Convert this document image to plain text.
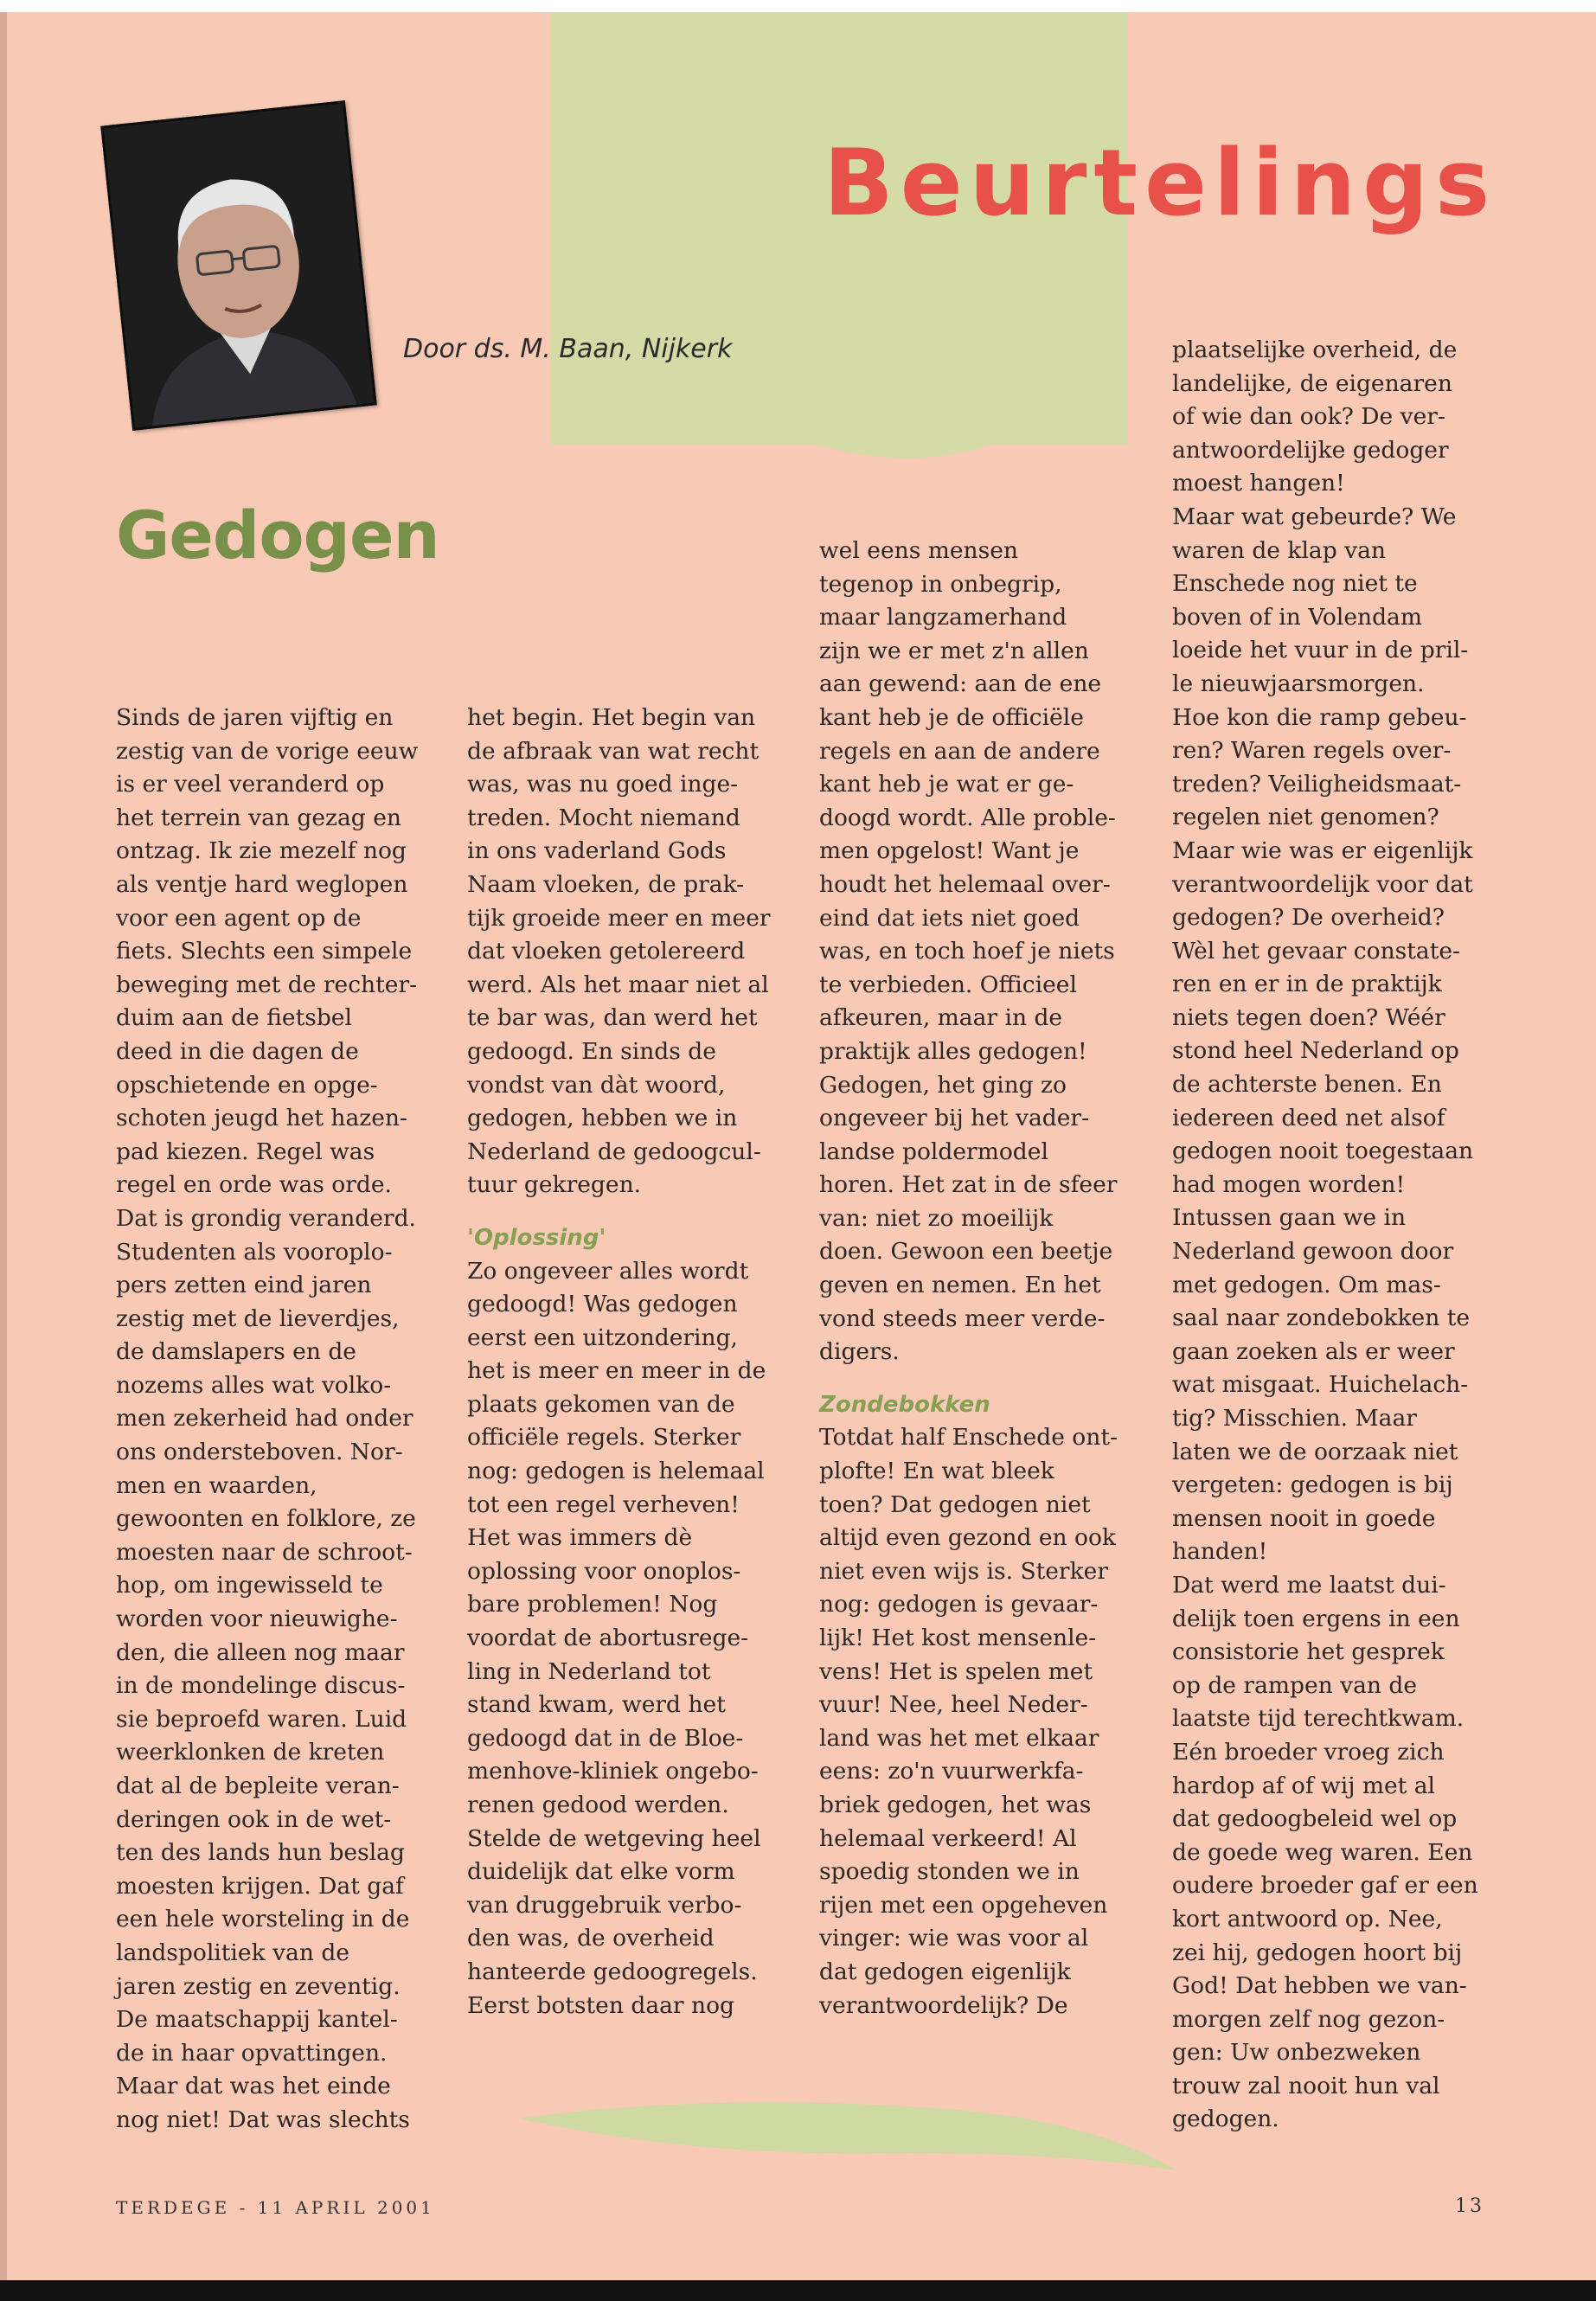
Door ds. M. Baan, Nijkerk
Beurtelings
Gedogen

Sinds de jaren vijftig en
zestig van de vorige eeuw
is er veel veranderd op
het terrein van gezag en
ontzag. Ik zie mezelf nog
als ventje hard weglopen
voor een agent op de
fiets. Slechts een simpele
beweging met de rechter-
duim aan de fietsbel
deed in die dagen de
opschietende en opge-
schoten jeugd het hazen-
pad kiezen. Regel was
regel en orde was orde.
Dat is grondig veranderd.
Studenten als vooroplo-
pers zetten eind jaren
zestig met de lieverdjes,
de damslapers en de
nozems alles wat volko-
men zekerheid had onder
ons ondersteboven. Nor-
men en waarden,
gewoonten en folklore, ze
moesten naar de schroot-
hop, om ingewisseld te
worden voor nieuwighe-
den, die alleen nog maar
in de mondelinge discus-
sie beproefd waren. Luid
weerklonken de kreten
dat al de bepleite veran-
deringen ook in de wet-
ten des lands hun beslag
moesten krijgen. Dat gaf
een hele worsteling in de
landspolitiek van de
jaren zestig en zeventig.
De maatschappij kantel-
de in haar opvattingen.
Maar dat was het einde
nog niet! Dat was slechts

het begin. Het begin van
de afbraak van wat recht
was, was nu goed inge-
treden. Mocht niemand
in ons vaderland Gods
Naam vloeken, de prak-
tijk groeide meer en meer
dat vloeken getolereerd
werd. Als het maar niet al
te bar was, dan werd het
gedoogd. En sinds de
vondst van dàt woord,
gedogen, hebben we in
Nederland de gedoogcul-
tuur gekregen.

'Oplossing'

Zo ongeveer alles wordt
gedoogd! Was gedogen
eerst een uitzondering,
het is meer en meer in de
plaats gekomen van de
officiële regels. Sterker
nog: gedogen is helemaal
tot een regel verheven!
Het was immers dè
oplossing voor onoplos-
bare problemen! Nog
voordat de abortusrege-
ling in Nederland tot
stand kwam, werd het
gedoogd dat in de Bloe-
menhove-kliniek ongebo-
renen gedood werden.
Stelde de wetgeving heel
duidelijk dat elke vorm
van druggebruik verbo-
den was, de overheid
hanteerde gedoogregels.
Eerst botsten daar nog

wel eens mensen
tegenop in onbegrip,
maar langzamerhand
zijn we er met z'n allen
aan gewend: aan de ene
kant heb je de officiële
regels en aan de andere
kant heb je wat er ge-
doogd wordt. Alle proble-
men opgelost! Want je
houdt het helemaal over-
eind dat iets niet goed
was, en toch hoef je niets
te verbieden. Officieel
afkeuren, maar in de
praktijk alles gedogen!
Gedogen, het ging zo
ongeveer bij het vader-
landse poldermodel
horen. Het zat in de sfeer
van: niet zo moeilijk
doen. Gewoon een beetje
geven en nemen. En het
vond steeds meer verde-
digers.

Zondebokken

Totdat half Enschede ont-
plofte! En wat bleek
toen? Dat gedogen niet
altijd even gezond en ook
niet even wijs is. Sterker
nog: gedogen is gevaar-
lijk! Het kost mensenle-
vens! Het is spelen met
vuur! Nee, heel Neder-
land was het met elkaar
eens: zo'n vuurwerkfa-
briek gedogen, het was
helemaal verkeerd! Al
spoedig stonden we in
rijen met een opgeheven
vinger: wie was voor al
dat gedogen eigenlijk
verantwoordelijk? De

plaatselijke overheid, de
landelijke, de eigenaren
of wie dan ook? De ver-
antwoordelijke gedoger
moest hangen!
Maar wat gebeurde? We
waren de klap van
Enschede nog niet te
boven of in Volendam
loeide het vuur in de pril-
le nieuwjaarsmorgen.
Hoe kon die ramp gebeu-
ren? Waren regels over-
treden? Veiligheidsmaat-
regelen niet genomen?
Maar wie was er eigenlijk
verantwoordelijk voor dat
gedogen? De overheid?
Wèl het gevaar constate-
ren en er in de praktijk
niets tegen doen? Wéér
stond heel Nederland op
de achterste benen. En
iedereen deed net alsof
gedogen nooit toegestaan
had mogen worden!
Intussen gaan we in
Nederland gewoon door
met gedogen. Om mas-
saal naar zondebokken te
gaan zoeken als er weer
wat misgaat. Huichelach-
tig? Misschien. Maar
laten we de oorzaak niet
vergeten: gedogen is bij
mensen nooit in goede
handen!
Dat werd me laatst dui-
delijk toen ergens in een
consistorie het gesprek
op de rampen van de
laatste tijd terechtkwam.
Eén broeder vroeg zich
hardop af of wij met al
dat gedoogbeleid wel op
de goede weg waren. Een
oudere broeder gaf er een
kort antwoord op. Nee,
zei hij, gedogen hoort bij
God! Dat hebben we van-
morgen zelf nog gezon-
gen: Uw onbezweken
trouw zal nooit hun val
gedogen.

TERDEGE - 11 APRIL 2001	13
